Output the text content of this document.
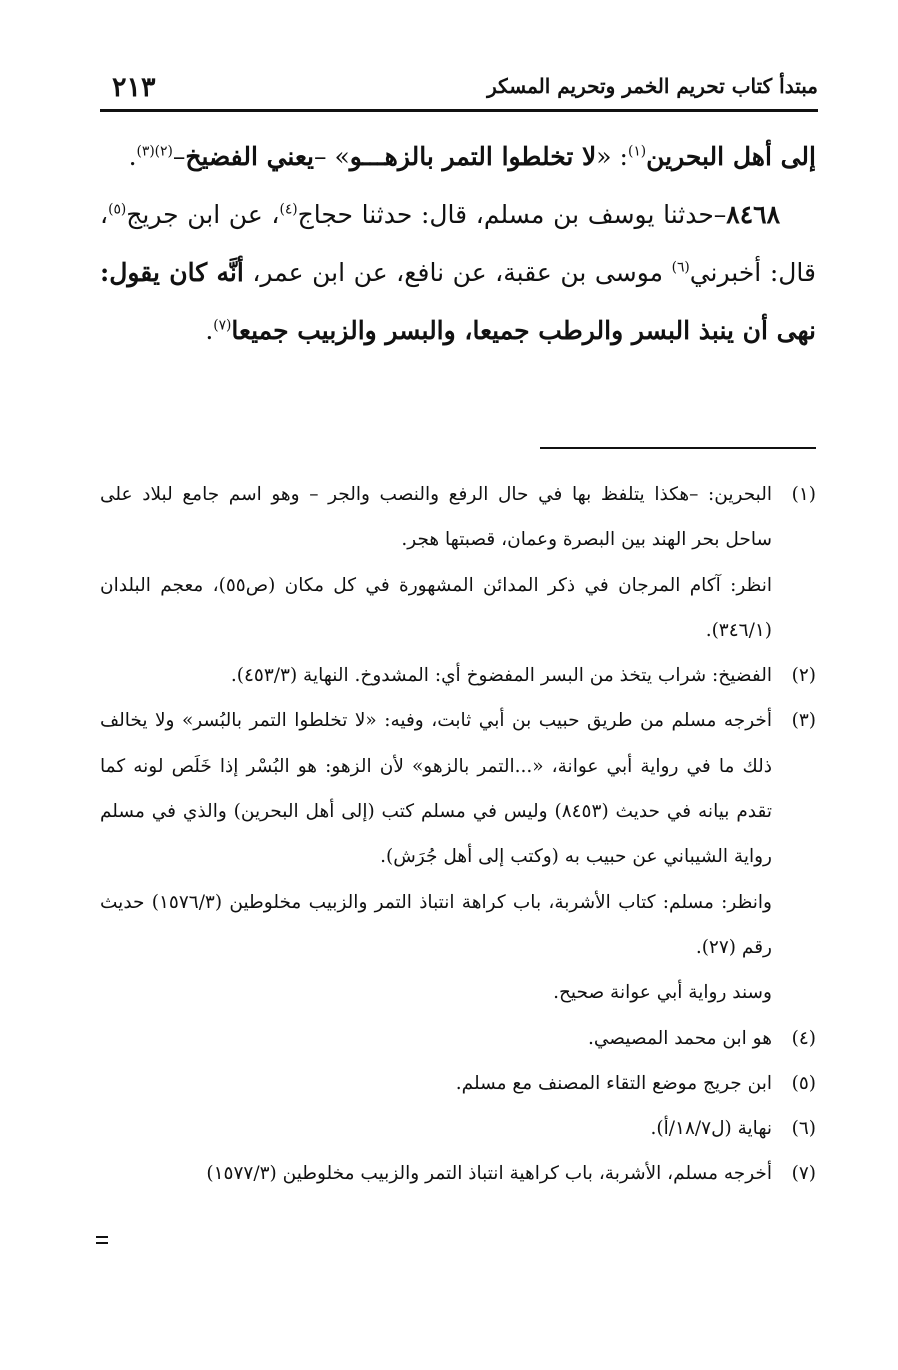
٢١٣	مبتدأ كتاب تحريم الخمر وتحريم المسكر

إلى أهل البحرين$^{(١)}$: «لا تخلطوا التمر بالزهـــو» –يعني الفضيخ–$^{(٢)(٣)}$.

٨٤٦٨–حدثنا يوسف بن مسلم، قال: حدثنا حجاج$^{(٤)}$، عن ابن جريج$^{(٥)}$، قال: أخبرني$^{(٦)}$ موسى بن عقبة، عن نافع، عن ابن عمر، أنَّه كان يقول: نهى أن ينبذ البسر والرطب جميعا، والبسر والزبيب جميعا$^{(٧)}$.

(١)
البحرين: –هكذا يتلفظ بها في حال الرفع والنصب والجر – وهو اسم جامع لبلاد على ساحل بحر الهند بين البصرة وعمان، قصبتها هجر.

انظر: آكام المرجان في ذكر المدائن المشهورة في كل مكان (ص٥٥)، معجم البلدان (٣٤٦/١).

(٢)
الفضيخ: شراب يتخذ من البسر المفضوخ أي: المشدوخ. النهاية (٤٥٣/٣).

(٣)
أخرجه مسلم من طريق حبيب بن أبي ثابت، وفيه: «لا تخلطوا التمر بالبُسر» ولا يخالف ذلك ما في رواية أبي عوانة، «...التمر بالزهو» لأن الزهو: هو البُسْر إذا خَلَص لونه كما تقدم بيانه في حديث (٨٤٥٣) وليس في مسلم كتب (إلى أهل البحرين) والذي في مسلم رواية الشيباني عن حبيب به (وكتب إلى أهل جُرَش).

وانظر: مسلم: كتاب الأشربة، باب كراهة انتباذ التمر والزبيب مخلوطين (١٥٧٦/٣) حديث رقم (٢٧).

وسند رواية أبي عوانة صحيح.

(٤)
هو ابن محمد المصيصي.

(٥)
ابن جريج موضع التقاء المصنف مع مسلم.

(٦)
نهاية (ل١٨/٧/أ).

(٧)
أخرجه مسلم، الأشربة، باب كراهية انتباذ التمر والزبيب مخلوطين (١٥٧٧/٣)
